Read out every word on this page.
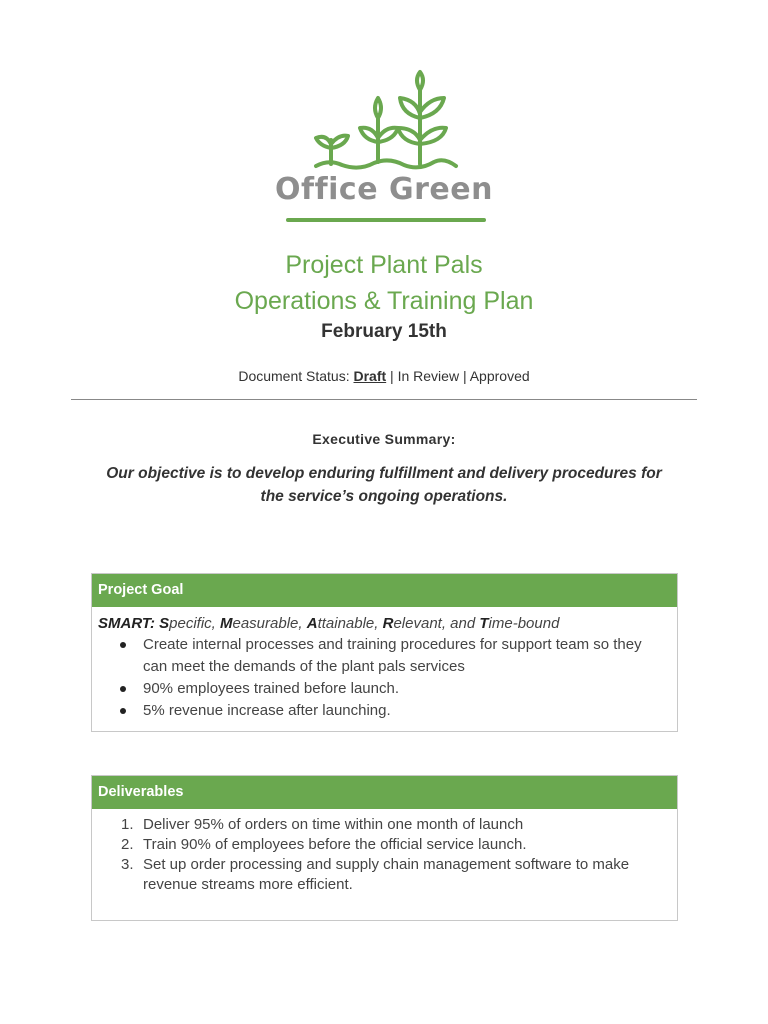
Office Green
Project Plant Pals
Operations & Training Plan
February 15th
Document Status: Draft | In Review | Approved
Executive Summary:
Our objective is to develop enduring fulfillment and delivery procedures for the service’s ongoing operations.
Project Goal
SMART: Specific, Measurable, Attainable, Relevant, and Time-bound
Create internal processes and training procedures for support team so they can meet the demands of the plant pals services
90% employees trained before launch.
5% revenue increase after launching.
Deliverables
1. Deliver 95% of orders on time within one month of launch
2. Train 90% of employees before the official service launch.
3. Set up order processing and supply chain management software to make revenue streams more efficient.
